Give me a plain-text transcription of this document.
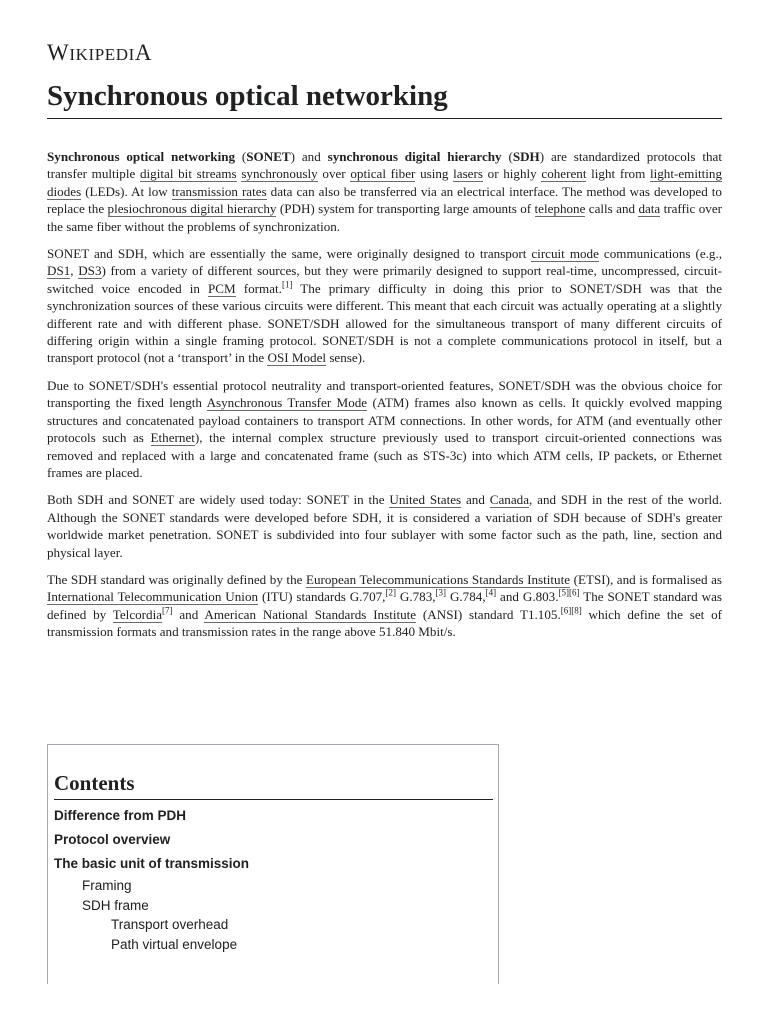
WIKIPEDIA
Synchronous optical networking

Synchronous optical networking (SONET) and synchronous digital hierarchy (SDH) are standardized protocols that transfer multiple digital bit streams synchronously over optical fiber using lasers or highly coherent light from light-emitting diodes (LEDs). At low transmission rates data can also be transferred via an electrical interface. The method was developed to replace the plesiochronous digital hierarchy (PDH) system for transporting large amounts of telephone calls and data traffic over the same fiber without the problems of synchronization.

SONET and SDH, which are essentially the same, were originally designed to transport circuit mode communications (e.g., DS1, DS3) from a variety of different sources, but they were primarily designed to support real-time, uncompressed, circuit-switched voice encoded in PCM format.[1] The primary difficulty in doing this prior to SONET/SDH was that the synchronization sources of these various circuits were different. This meant that each circuit was actually operating at a slightly different rate and with different phase. SONET/SDH allowed for the simultaneous transport of many different circuits of differing origin within a single framing protocol. SONET/SDH is not a complete communications protocol in itself, but a transport protocol (not a ‘transport’ in the OSI Model sense).

Due to SONET/SDH's essential protocol neutrality and transport-oriented features, SONET/SDH was the obvious choice for transporting the fixed length Asynchronous Transfer Mode (ATM) frames also known as cells. It quickly evolved mapping structures and concatenated payload containers to transport ATM connections. In other words, for ATM (and eventually other protocols such as Ethernet), the internal complex structure previously used to transport circuit-oriented connections was removed and replaced with a large and concatenated frame (such as STS-3c) into which ATM cells, IP packets, or Ethernet frames are placed.

Both SDH and SONET are widely used today: SONET in the United States and Canada, and SDH in the rest of the world. Although the SONET standards were developed before SDH, it is considered a variation of SDH because of SDH's greater worldwide market penetration. SONET is subdivided into four sublayer with some factor such as the path, line, section and physical layer.

The SDH standard was originally defined by the European Telecommunications Standards Institute (ETSI), and is formalised as International Telecommunication Union (ITU) standards G.707,[2] G.783,[3] G.784,[4] and G.803.[5][6] The SONET standard was defined by Telcordia[7] and American National Standards Institute (ANSI) standard T1.105.[6][8] which define the set of transmission formats and transmission rates in the range above 51.840 Mbit/s.

Contents
Difference from PDH
Protocol overview
The basic unit of transmission
Framing
SDH frame
Transport overhead
Path virtual envelope
